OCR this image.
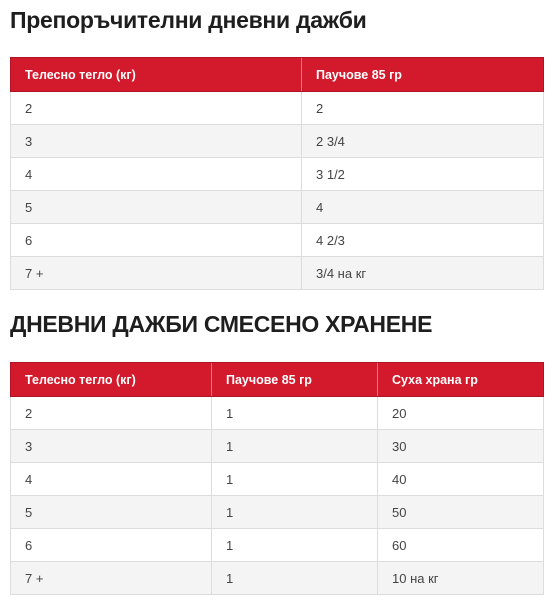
Препоръчителни дневни дажби
Телесно тегло (кг)	Паучове 85 гр
2	2
3	2 3/4
4	3 1/2
5	4
6	4 2/3
7 +	3/4 на кг
ДНЕВНИ ДАЖБИ СМЕСЕНО ХРАНЕНЕ
Телесно тегло (кг)	Паучове 85 гр	Суха храна гр
2	1	20
3	1	30
4	1	40
5	1	50
6	1	60
7 +	1	10 на кг
